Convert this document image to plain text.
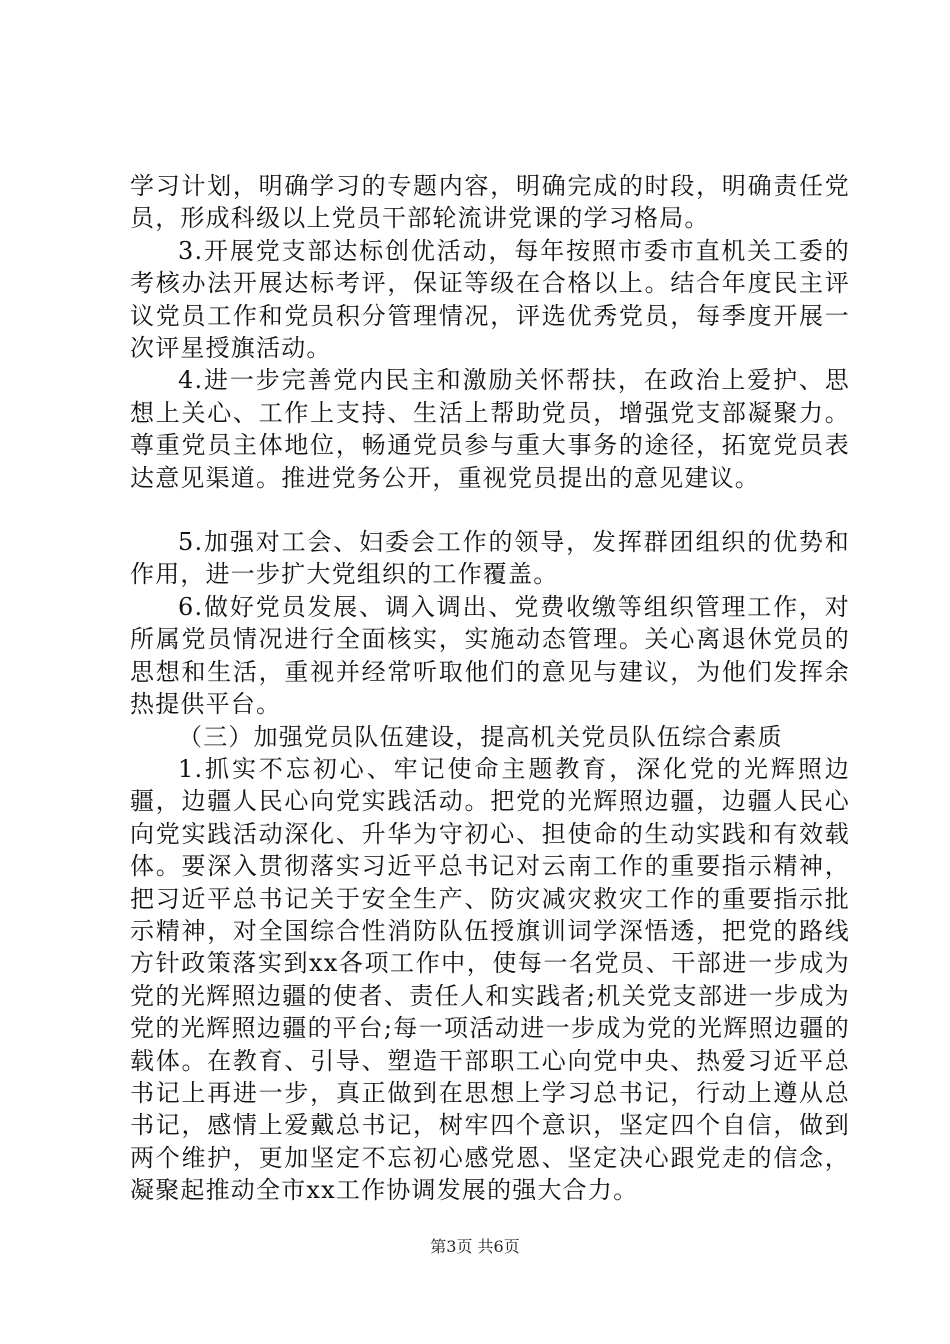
学习计划，明确学习的专题内容，明确完成的时段，明确责任党员，形成科级以上党员干部轮流讲党课的学习格局。

3.开展党支部达标创优活动，每年按照市委市直机关工委的考核办法开展达标考评，保证等级在合格以上。结合年度民主评议党员工作和党员积分管理情况，评选优秀党员，每季度开展一次评星授旗活动。

4.进一步完善党内民主和激励关怀帮扶，在政治上爱护、思想上关心、工作上支持、生活上帮助党员，增强党支部凝聚力。尊重党员主体地位，畅通党员参与重大事务的途径，拓宽党员表达意见渠道。推进党务公开，重视党员提出的意见建议。

5.加强对工会、妇委会工作的领导，发挥群团组织的优势和作用，进一步扩大党组织的工作覆盖。

6.做好党员发展、调入调出、党费收缴等组织管理工作，对所属党员情况进行全面核实，实施动态管理。关心离退休党员的思想和生活，重视并经常听取他们的意见与建议，为他们发挥余热提供平台。

（三）加强党员队伍建设，提高机关党员队伍综合素质

1.抓实不忘初心、牢记使命主题教育，深化党的光辉照边疆，边疆人民心向党实践活动。把党的光辉照边疆，边疆人民心向党实践活动深化、升华为守初心、担使命的生动实践和有效载体。要深入贯彻落实习近平总书记对云南工作的重要指示精神，把习近平总书记关于安全生产、防灾减灾救灾工作的重要指示批示精神，对全国综合性消防队伍授旗训词学深悟透，把党的路线方针政策落实到xx各项工作中，使每一名党员、干部进一步成为党的光辉照边疆的使者、责任人和实践者;机关党支部进一步成为党的光辉照边疆的平台;每一项活动进一步成为党的光辉照边疆的载体。在教育、引导、塑造干部职工心向党中央、热爱习近平总书记上再进一步，真正做到在思想上学习总书记，行动上遵从总书记，感情上爱戴总书记，树牢四个意识，坚定四个自信，做到两个维护，更加坚定不忘初心感党恩、坚定决心跟党走的信念，凝聚起推动全市xx工作协调发展的强大合力。

第3页 共6页
